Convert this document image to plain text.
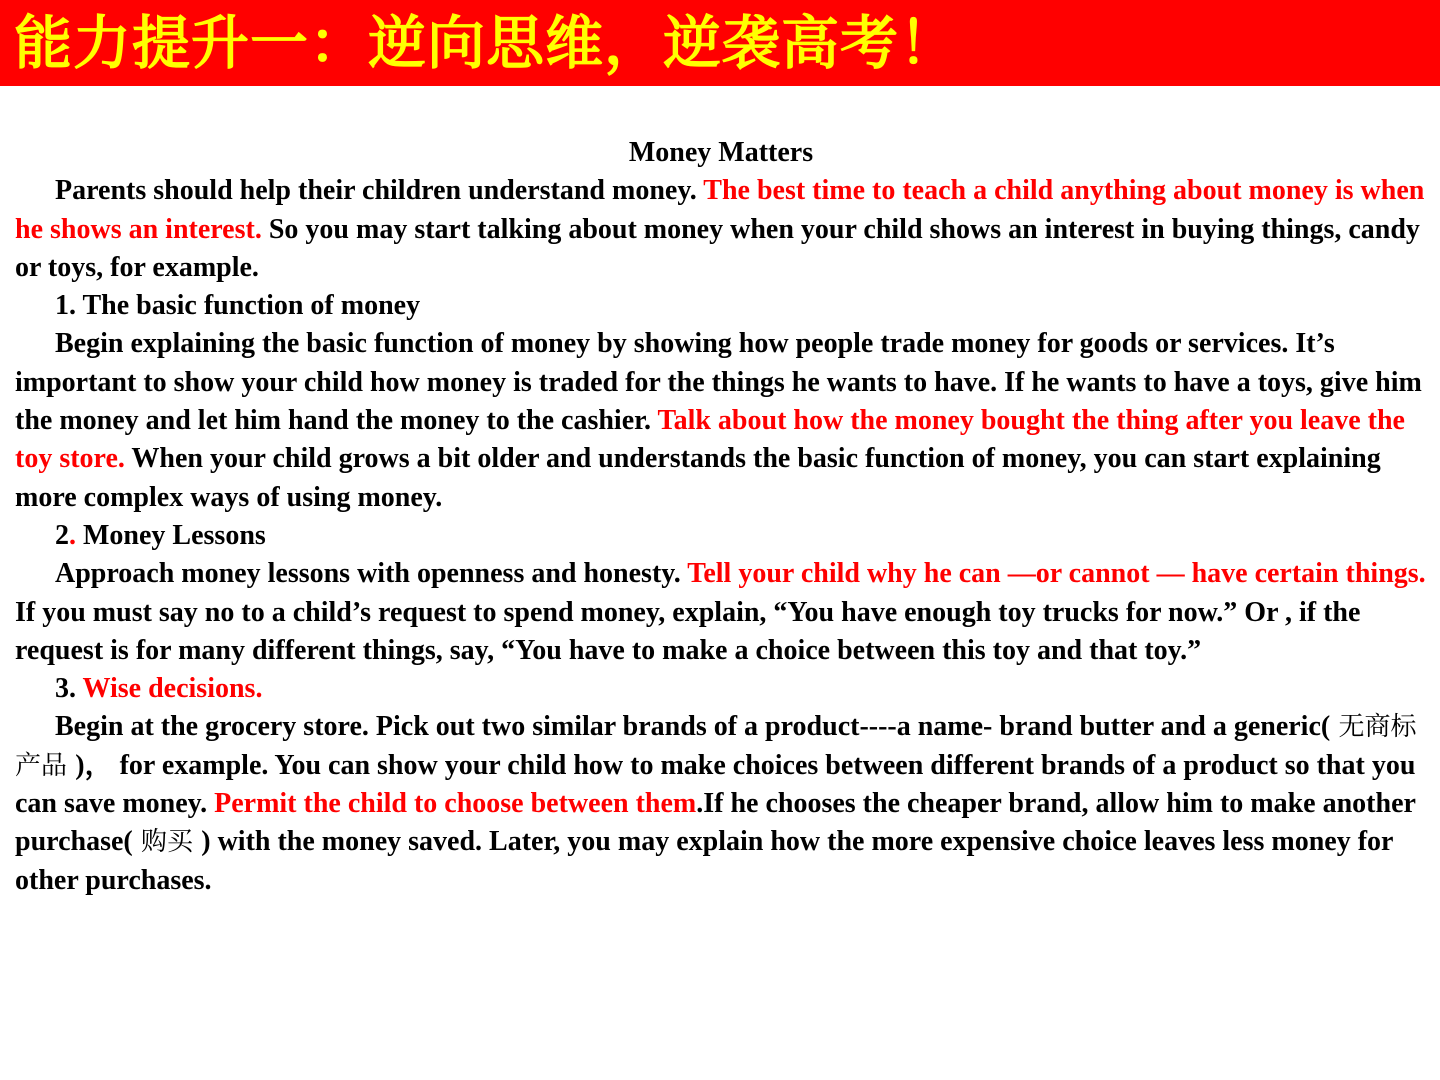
能力提升一：逆向思维，逆袭高考！

Money Matters

Parents should help their children understand money. The best time to teach a child anything about money is when he shows an interest. So you may start talking about money when your child shows an interest in buying things, candy or toys, for example.

1. The basic function of money

Begin explaining the basic function of money by showing how people trade money for goods or services. It’s important to show your child how money is traded for the things he wants to have. If he wants to have a toys, give him the money and let him hand the money to the cashier. Talk about how the money bought the thing after you leave the toy store. When your child grows a bit older and understands the basic function of money, you can start explaining more complex ways of using money.

2. Money Lessons

Approach money lessons with openness and honesty. Tell your child why he can —or cannot — have certain things. If you must say no to a child’s request to spend money, explain, “You have enough toy trucks for now.” Or , if the request is for many different things, say, “You have to make a choice between this toy and that toy.”

3. Wise decisions.

Begin at the grocery store. Pick out two similar brands of a product----a name- brand butter and a generic( 无商标产品 )， for example. You can show your child how to make choices between different brands of a product so that you can save money. Permit the child to choose between them.If he chooses the cheaper brand, allow him to make another purchase( 购买 ) with the money saved. Later, you may explain how the more expensive choice leaves less money for other purchases.
